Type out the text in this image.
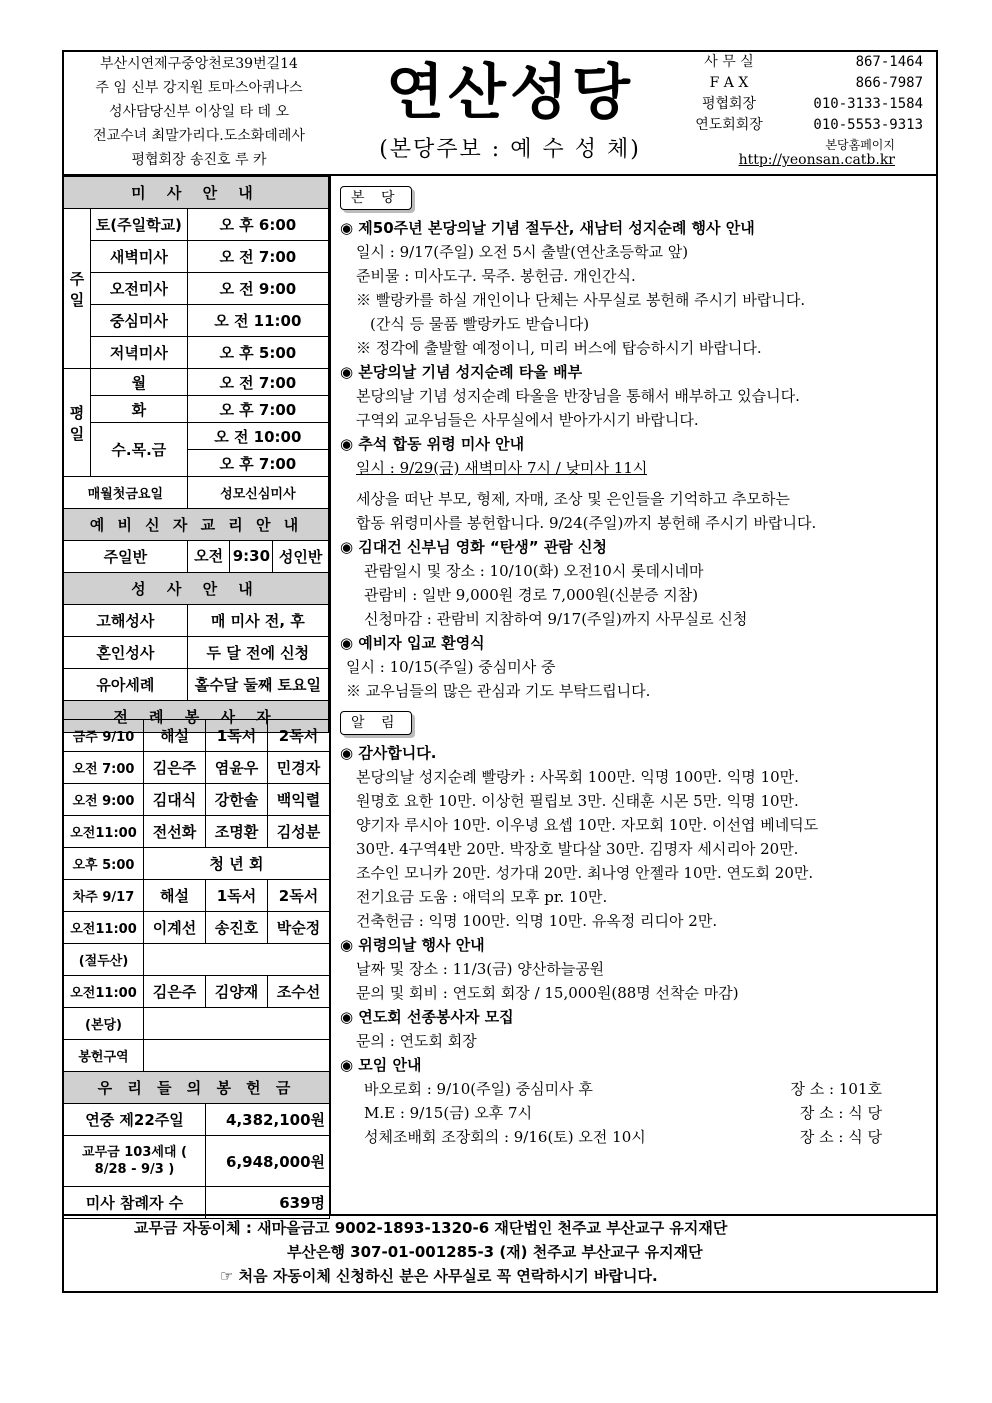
부산시연제구중앙천로39번길14
주 임 신부 강지원 토마스아퀴나스
성사담당신부 이상일 타 데 오
전교수녀 최말가리다.도소화데레사
평협회장 송진호 루 카
연산성당
(본당주보 : 예 수 성 체)
사 무 실	867-1464
F A X	866-7987
평협회장	010-3133-1584
연도회회장	010-5553-9313
본당홈페이지
http://yeonsan.catb.kr
미 사 안 내			
주일	토(주일학교)	오 후 6:00	
	새벽미사	오 전 7:00	
	오전미사	오 전 9:00	
	중심미사	오 전 11:00	
	저녁미사	오 후 5:00	
평일	월	오 전 7:00	
	화	오 후 7:00	
	수.목.금	오 전 10:00	
		오 후 7:00	
매월첫금요일		성모신심미사	
예 비 신 자 교 리 안 내			
주일반		오전 9:30	성인반
성 사 안 내			
고해성사		매 미사 전, 후	
혼인성사		두 달 전에 신청	
유아세례		홀수달 둘째 토요일	
전 례 봉 사 자			
금주 9/10	해설	1독서	2독서
오전 7:00	김은주	염윤우	민경자
오전 9:00	김대식	강한솔	백익렬
오전11:00	전선화	조명환	김성분
오후 5:00	청 년 회		
차주 9/17	해설	1독서	2독서
오전11:00	이계선	송진호	박순정
(절두산)			
오전11:00	김은주	김양재	조수선
(본당)			
봉헌구역			
우 리 들 의 봉 헌 금			
연중 제22주일		4,382,100원	
교무금 103세대 ( 8/28 - 9/3 )		6,948,000원	
미사 참례자 수		639명	
본 당
◉ 제50주년 본당의날 기념 절두산, 새남터 성지순례 행사 안내
일시 : 9/17(주일) 오전 5시 출발(연산초등학교 앞)
준비물 : 미사도구. 묵주. 봉헌금. 개인간식.
※ 빨랑카를 하실 개인이나 단체는 사무실로 봉헌해 주시기 바랍니다.
(간식 등 물품 빨랑카도 받습니다)
※ 정각에 출발할 예정이니, 미리 버스에 탑승하시기 바랍니다.
◉ 본당의날 기념 성지순례 타올 배부
본당의날 기념 성지순례 타올을 반장님을 통해서 배부하고 있습니다.
구역외 교우님들은 사무실에서 받아가시기 바랍니다.
◉ 추석 합동 위령 미사 안내
일시 : 9/29(금) 새벽미사 7시 / 낮미사 11시
세상을 떠난 부모, 형제, 자매, 조상 및 은인들을 기억하고 추모하는
합동 위령미사를 봉헌합니다. 9/24(주일)까지 봉헌해 주시기 바랍니다.
◉ 김대건 신부님 영화 “탄생” 관람 신청
관람일시 및 장소 : 10/10(화) 오전10시 롯데시네마
관람비 : 일반 9,000원 경로 7,000원(신분증 지참)
신청마감 : 관람비 지참하여 9/17(주일)까지 사무실로 신청
◉ 예비자 입교 환영식
일시 : 10/15(주일) 중심미사 중
※ 교우님들의 많은 관심과 기도 부탁드립니다.
알 림
◉ 감사합니다.
본당의날 성지순례 빨랑카 : 사목회 100만. 익명 100만. 익명 10만.
원명호 요한 10만. 이상헌 필립보 3만. 신태훈 시몬 5만. 익명 10만.
양기자 루시아 10만. 이우녕 요셉 10만. 자모회 10만. 이선엽 베네딕도
30만. 4구역4반 20만. 박장호 발다살 30만. 김명자 세시리아 20만.
조수인 모니카 20만. 성가대 20만. 최나영 안젤라 10만. 연도회 20만.
전기요금 도움 : 애덕의 모후 pr. 10만.
건축헌금 : 익명 100만. 익명 10만. 유옥정 리디아 2만.
◉ 위령의날 행사 안내
날짜 및 장소 : 11/3(금) 양산하늘공원
문의 및 회비 : 연도회 회장 / 15,000원(88명 선착순 마감)
◉ 연도회 선종봉사자 모집
문의 : 연도회 회장
◉ 모임 안내
바오로회 : 9/10(주일) 중심미사 후	장 소 : 101호
M.E : 9/15(금) 오후 7시	장 소 : 식 당
성체조배회 조장회의 : 9/16(토) 오전 10시	장 소 : 식 당
교무금 자동이체 : 새마을금고 9002-1893-1320-6 재단법인 천주교 부산교구 유지재단
부산은행 307-01-001285-3 (재) 천주교 부산교구 유지재단
☞ 처음 자동이체 신청하신 분은 사무실로 꼭 연락하시기 바랍니다.
